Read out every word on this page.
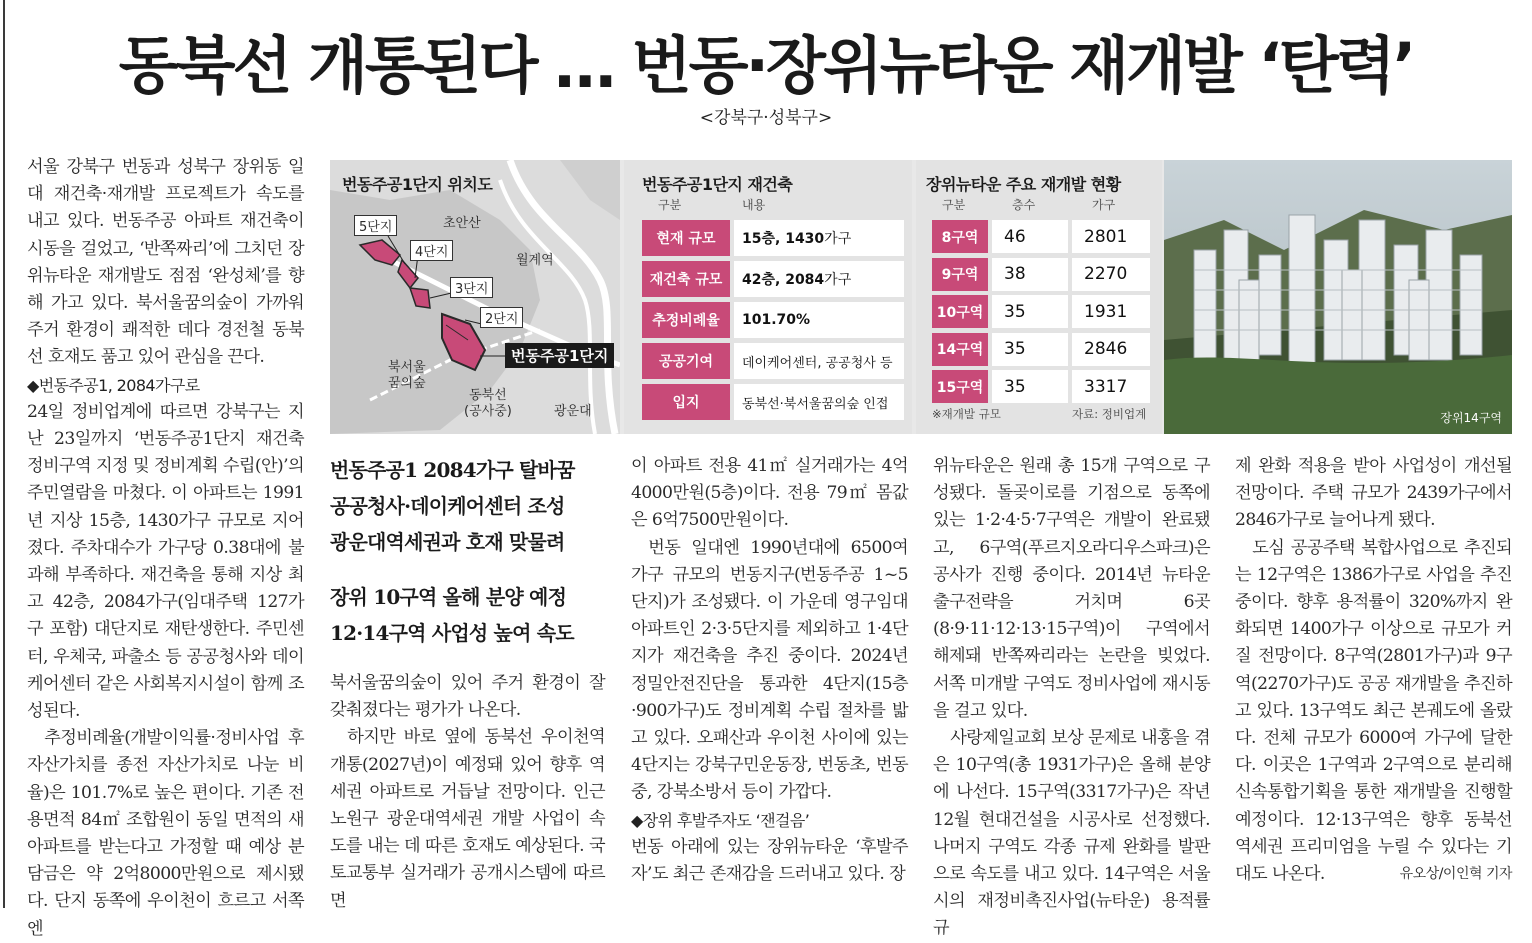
동북선 개통된다 … 번동·장위뉴타운 재개발 ‘탄력’
<강북구·성북구>

서울 강북구 번동과 성북구 장위동 일대 재건축·재개발 프로젝트가 속도를 내고 있다. 번동주공 아파트 재건축이 시동을 걸었고, ‘반쪽짜리’에 그치던 장위뉴타운 재개발도 점점 ‘완성체’를 향해 가고 있다. 북서울꿈의숲이 가까워 주거 환경이 쾌적한 데다 경전철 동북선 호재도 품고 있어 관심을 끈다.

◆번동주공1, 2084가구로

24일 정비업계에 따르면 강북구는 지난 23일까지 ‘번동주공1단지 재건축 정비구역 지정 및 정비계획 수립(안)’의 주민열람을 마쳤다. 이 아파트는 1991년 지상 15층, 1430가구 규모로 지어졌다. 주차대수가 가구당 0.38대에 불과해 부족하다. 재건축을 통해 지상 최고 42층, 2084가구(임대주택 127가구 포함) 대단지로 재탄생한다. 주민센터, 우체국, 파출소 등 공공청사와 데이케어센터 같은 사회복지시설이 함께 조성된다.

추정비례율(개발이익률·정비사업 후 자산가치를 종전 자산가치로 나눈 비율)은 101.7%로 높은 편이다. 기존 전용면적 84㎡ 조합원이 동일 면적의 새 아파트를 받는다고 가정할 때 예상 분담금은 약 2억8000만원으로 제시됐다. 단지 동쪽에 우이천이 흐르고 서쪽엔

번동주공1단지 위치도
5단지
4단지
3단지
2단지
번동주공1단지
초안산
월계역
북서울
꿈의숲
동북선
(공사중)	광운대
번동주공1단지 재건축
구분	내용
현재 규모	15층, 1430 가구
재건축 규모	42층, 2084 가구
추정비례율	101.70%
공공기여	데이케어센터, 공공청사 등
입지	동북선·북서울꿈의숲 인접
장위뉴타운 주요 재개발 현황
구분	층수	가구
8구역	46	2801
9구역	38	2270
10구역	35	1931
14구역	35	2846
15구역	35	3317
※재개발 규모	자료: 정비업계	장위14구역
번동주공1 2084가구 탈바꿈
공공청사·데이케어센터 조성
광운대역세권과 호재 맞물려
장위 10구역 올해 분양 예정
12·14구역 사업성 높여 속도

북서울꿈의숲이 있어 주거 환경이 잘 갖춰졌다는 평가가 나온다.

하지만 바로 옆에 동북선 우이천역 개통(2027년)이 예정돼 있어 향후 역세권 아파트로 거듭날 전망이다. 인근 노원구 광운대역세권 개발 사업이 속도를 내는 데 따른 호재도 예상된다. 국토교통부 실거래가 공개시스템에 따르면

이 아파트 전용 41㎡ 실거래가는 4억4000만원(5층)이다. 전용 79㎡ 몸값은 6억7500만원이다.

번동 일대엔 1990년대에 6500여 가구 규모의 번동지구(번동주공 1~5단지)가 조성됐다. 이 가운데 영구임대 아파트인 2·3·5단지를 제외하고 1·4단지가 재건축을 추진 중이다. 2024년 정밀안전진단을 통과한 4단지(15층·900가구)도 정비계획 수립 절차를 밟고 있다. 오패산과 우이천 사이에 있는 4단지는 강북구민운동장, 번동초, 번동중, 강북소방서 등이 가깝다.

◆장위 후발주자도 ‘잰걸음’

번동 아래에 있는 장위뉴타운 ‘후발주자’도 최근 존재감을 드러내고 있다. 장

위뉴타운은 원래 총 15개 구역으로 구성됐다. 돌곶이로를 기점으로 동쪽에 있는 1·2·4·5·7구역은 개발이 완료됐고, 6구역(푸르지오라디우스파크)은 공사가 진행 중이다. 2014년 뉴타운 출구전략을 거치며 6곳(8·9·11·12·13·15구역)이 구역에서 해제돼 반쪽짜리라는 논란을 빚었다. 서쪽 미개발 구역도 정비사업에 재시동을 걸고 있다.

사랑제일교회 보상 문제로 내홍을 겪은 10구역(총 1931가구)은 올해 분양에 나선다. 15구역(3317가구)은 작년 12월 현대건설을 시공사로 선정했다. 나머지 구역도 각종 규제 완화를 발판으로 속도를 내고 있다. 14구역은 서울시의 재정비촉진사업(뉴타운) 용적률 규

제 완화 적용을 받아 사업성이 개선될 전망이다. 주택 규모가 2439가구에서 2846가구로 늘어나게 됐다.

도심 공공주택 복합사업으로 추진되는 12구역은 1386가구로 사업을 추진 중이다. 향후 용적률이 320%까지 완화되면 1400가구 이상으로 규모가 커질 전망이다. 8구역(2801가구)과 9구역(2270가구)도 공공 재개발을 추진하고 있다. 13구역도 최근 본궤도에 올랐다. 전체 규모가 6000여 가구에 달한다. 이곳은 1구역과 2구역으로 분리해 신속통합기획을 통한 재개발을 진행할 예정이다. 12·13구역은 향후 동북선 역세권 프리미엄을 누릴 수 있다는 기대도 나온다.	유오상/이인혁 기자
